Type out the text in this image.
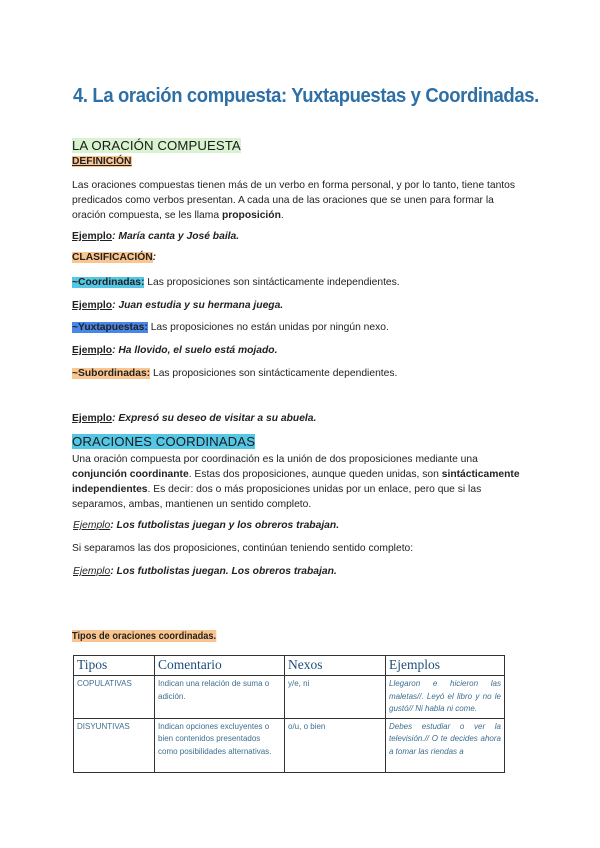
4. La oración compuesta: Yuxtapuestas y Coordinadas.
LA ORACIÓN COMPUESTA
DEFINICIÓN
Las oraciones compuestas tienen más de un verbo en forma personal, y por lo tanto, tiene tantos predicados como verbos presentan. A cada una de las oraciones que se unen para formar la oración compuesta, se les llama proposición.
Ejemplo: María canta y José baila.
CLASIFICACIÓN:
~Coordinadas: Las proposiciones son sintácticamente independientes.
Ejemplo: Juan estudia y su hermana juega.
~Yuxtapuestas: Las proposiciones no están unidas por ningún nexo.
Ejemplo: Ha llovido, el suelo está mojado.
~Subordinadas: Las proposiciones son sintácticamente dependientes.
Ejemplo: Expresó su deseo de visitar a su abuela.
ORACIONES COORDINADAS
Una oración compuesta por coordinación es la unión de dos proposiciones mediante una conjunción coordinante. Estas dos proposiciones, aunque queden unidas, son sintácticamente independientes. Es decir: dos o más proposiciones unidas por un enlace, pero que si las separamos, ambas, mantienen un sentido completo.
Ejemplo: Los futbolistas juegan y los obreros trabajan.
Si separamos las dos proposiciones, continúan teniendo sentido completo:
Ejemplo: Los futbolistas juegan. Los obreros trabajan.
Tipos de oraciones coordinadas.
Tipos	Comentario	Nexos	Ejemplos
COPULATIVAS	Indican una relación de suma o adición.	y/e, ni	Llegaron e hicieron las maletas//. Leyó el libro y no le gustó// Ni habla ni come.
DISYUNTIVAS	Indican opciones excluyentes o bien contenidos presentados como posibilidades alternativas.	o/u, o bien	Debes estudiar o ver la televisión.// O te decides ahora a tomar las riendas a
